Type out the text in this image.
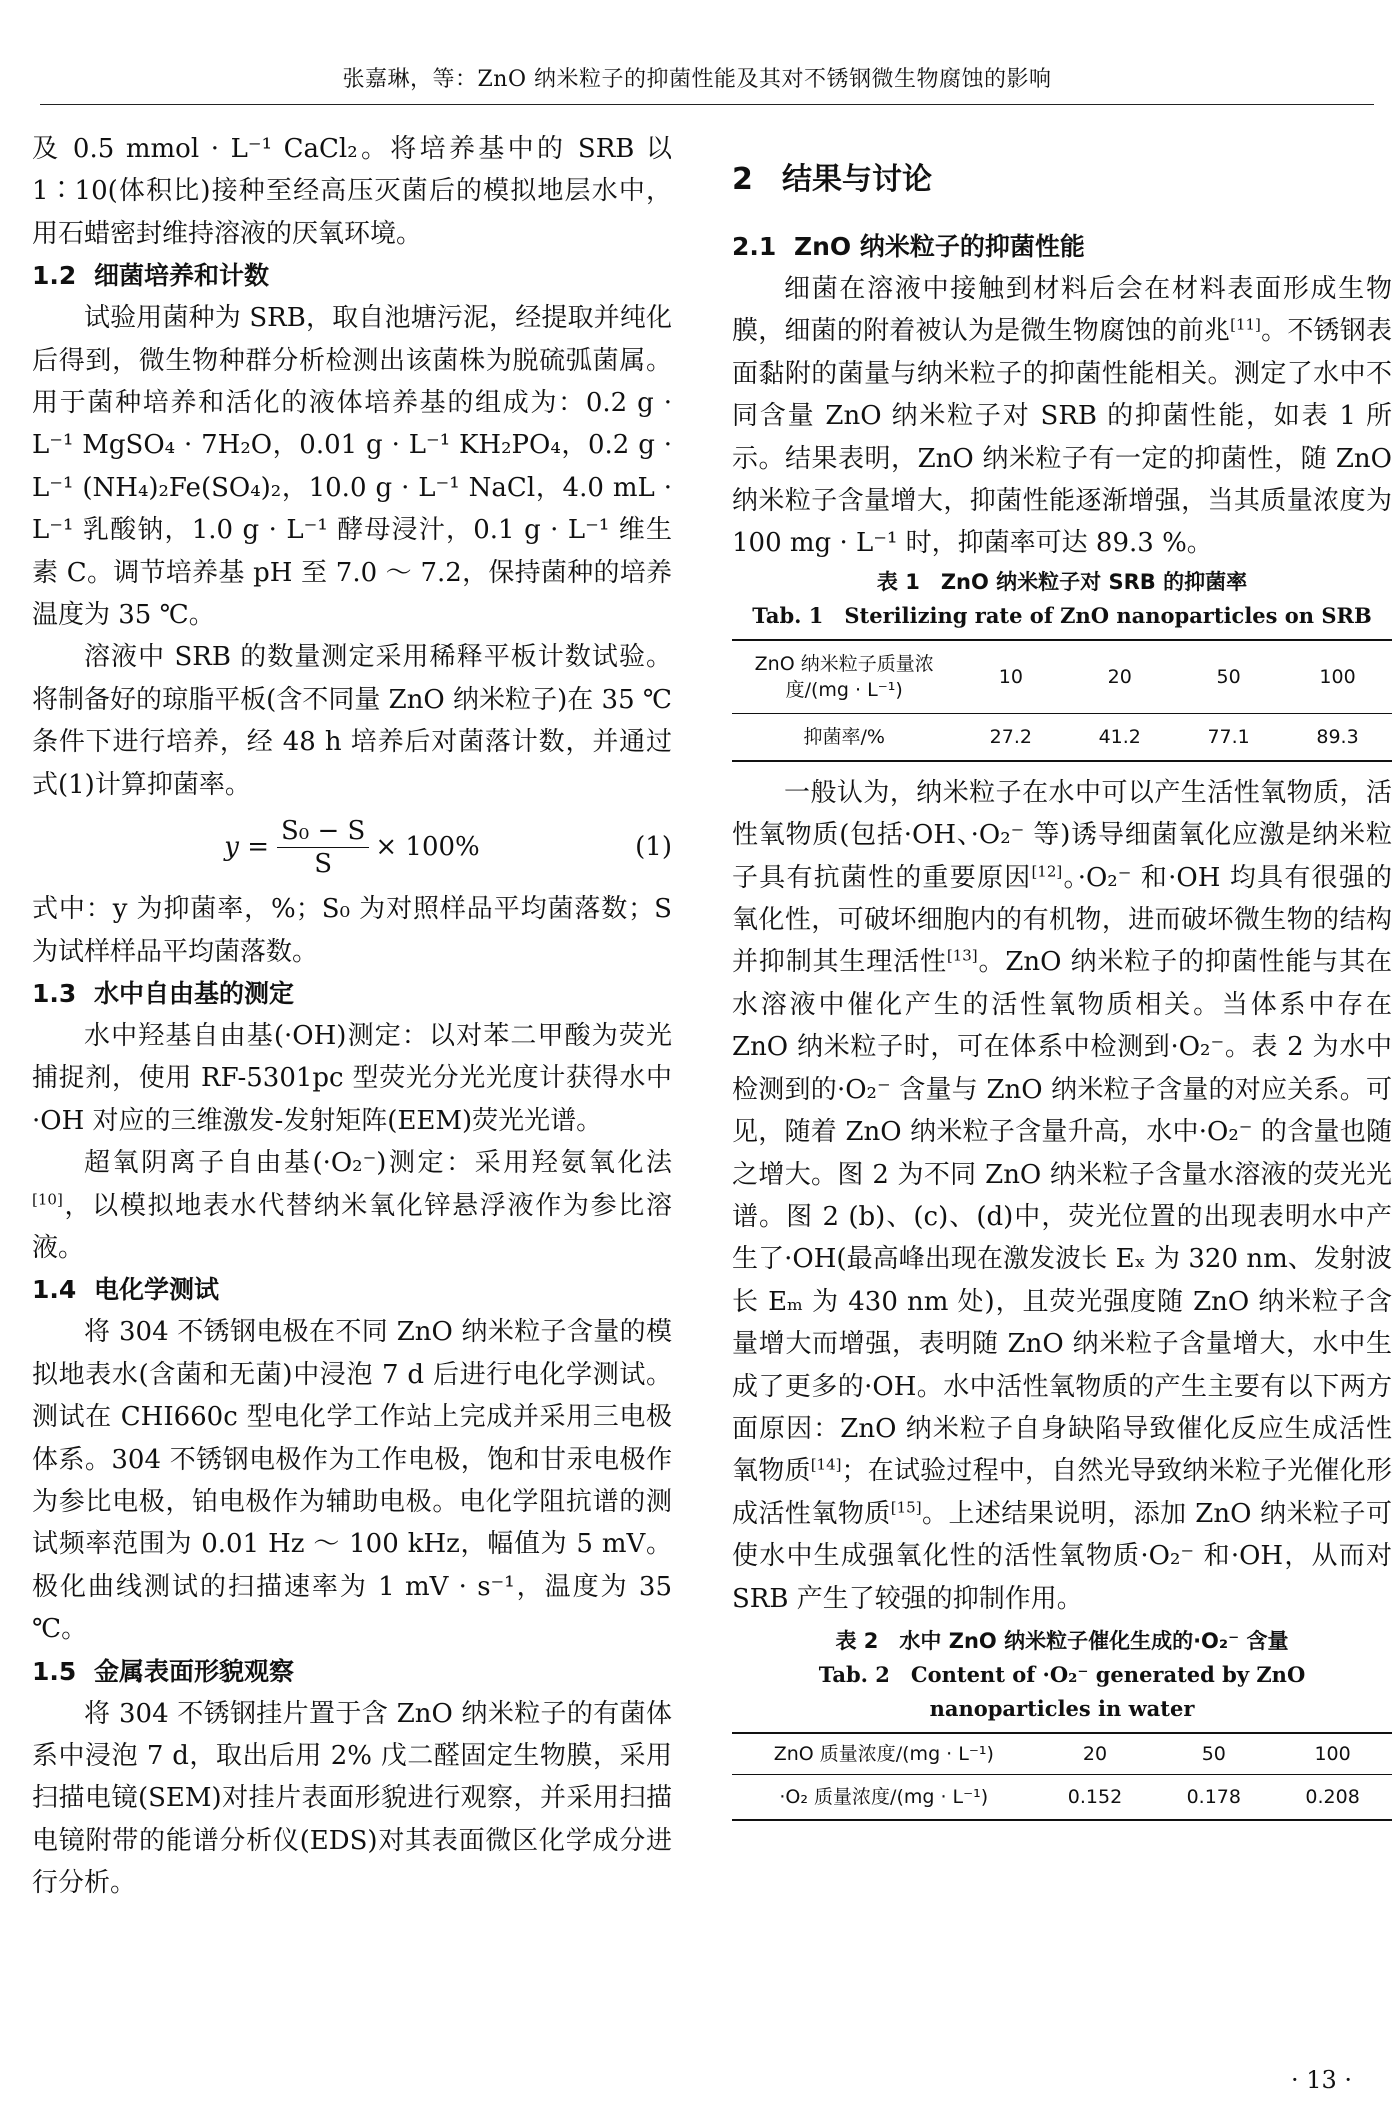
张嘉琳，等：ZnO 纳米粒子的抑菌性能及其对不锈钢微生物腐蚀的影响

及 0.5 mmol · L⁻¹ CaCl₂。将培养基中的 SRB 以 1∶10(体积比)接种至经高压灭菌后的模拟地层水中，用石蜡密封维持溶液的厌氧环境。

1.2 细菌培养和计数

试验用菌种为 SRB，取自池塘污泥，经提取并纯化后得到，微生物种群分析检测出该菌株为脱硫弧菌属。用于菌种培养和活化的液体培养基的组成为：0.2 g · L⁻¹ MgSO₄ · 7H₂O，0.01 g · L⁻¹ KH₂PO₄，0.2 g · L⁻¹ (NH₄)₂Fe(SO₄)₂，10.0 g · L⁻¹ NaCl，4.0 mL · L⁻¹ 乳酸钠，1.0 g · L⁻¹ 酵母浸汁，0.1 g · L⁻¹ 维生素 C。调节培养基 pH 至 7.0 ～ 7.2，保持菌种的培养温度为 35 ℃。

溶液中 SRB 的数量测定采用稀释平板计数试验。将制备好的琼脂平板(含不同量 ZnO 纳米粒子)在 35 ℃ 条件下进行培养，经 48 h 培养后对菌落计数，并通过式(1)计算抑菌率。

$y = \frac{\text{S₀ − S}}{S} \times 100\%$	(1)

式中：y 为抑菌率，%；S₀ 为对照样品平均菌落数；S 为试样样品平均菌落数。

1.3 水中自由基的测定

水中羟基自由基(·OH)测定：以对苯二甲酸为荧光捕捉剂，使用 RF-5301pc 型荧光分光光度计获得水中·OH 对应的三维激发-发射矩阵(EEM)荧光光谱。

超氧阴离子自由基(·O₂⁻)测定：采用羟氨氧化法[10]，以模拟地表水代替纳米氧化锌悬浮液作为参比溶液。

1.4 电化学测试

将 304 不锈钢电极在不同 ZnO 纳米粒子含量的模拟地表水(含菌和无菌)中浸泡 7 d 后进行电化学测试。测试在 CHI660c 型电化学工作站上完成并采用三电极体系。304 不锈钢电极作为工作电极，饱和甘汞电极作为参比电极，铂电极作为辅助电极。电化学阻抗谱的测试频率范围为 0.01 Hz ～ 100 kHz，幅值为 5 mV。极化曲线测试的扫描速率为 1 mV · s⁻¹，温度为 35 ℃。

1.5 金属表面形貌观察

将 304 不锈钢挂片置于含 ZnO 纳米粒子的有菌体系中浸泡 7 d，取出后用 2% 戊二醛固定生物膜，采用扫描电镜(SEM)对挂片表面形貌进行观察，并采用扫描电镜附带的能谱分析仪(EDS)对其表面微区化学成分进行分析。

2 结果与讨论
2.1 ZnO 纳米粒子的抑菌性能

细菌在溶液中接触到材料后会在材料表面形成生物膜，细菌的附着被认为是微生物腐蚀的前兆[11]。不锈钢表面黏附的菌量与纳米粒子的抑菌性能相关。测定了水中不同含量 ZnO 纳米粒子对 SRB 的抑菌性能，如表 1 所示。结果表明，ZnO 纳米粒子有一定的抑菌性，随 ZnO 纳米粒子含量增大，抑菌性能逐渐增强，当其质量浓度为 100 mg · L⁻¹ 时，抑菌率可达 89.3 %。

表 1　ZnO 纳米粒子对 SRB 的抑菌率
Tab. 1　Sterilizing rate of ZnO nanoparticles on SRB
ZnO 纳米粒子质量浓度/(mg · L⁻¹)	10	20	50	100
抑菌率/%	27.2	41.2	77.1	89.3

一般认为，纳米粒子在水中可以产生活性氧物质，活性氧物质(包括·OH、·O₂⁻ 等)诱导细菌氧化应激是纳米粒子具有抗菌性的重要原因[12]。·O₂⁻ 和·OH 均具有很强的氧化性，可破坏细胞内的有机物，进而破坏微生物的结构并抑制其生理活性[13]。ZnO 纳米粒子的抑菌性能与其在水溶液中催化产生的活性氧物质相关。当体系中存在 ZnO 纳米粒子时，可在体系中检测到·O₂⁻。表 2 为水中检测到的·O₂⁻ 含量与 ZnO 纳米粒子含量的对应关系。可见，随着 ZnO 纳米粒子含量升高，水中·O₂⁻ 的含量也随之增大。图 2 为不同 ZnO 纳米粒子含量水溶液的荧光光谱。图 2 (b)、(c)、(d)中，荧光位置的出现表明水中产生了·OH(最高峰出现在激发波长 Eₓ 为 320 nm、发射波长 Eₘ 为 430 nm 处)，且荧光强度随 ZnO 纳米粒子含量增大而增强，表明随 ZnO 纳米粒子含量增大，水中生成了更多的·OH。水中活性氧物质的产生主要有以下两方面原因：ZnO 纳米粒子自身缺陷导致催化反应生成活性氧物质[14]；在试验过程中，自然光导致纳米粒子光催化形成活性氧物质[15]。上述结果说明，添加 ZnO 纳米粒子可使水中生成强氧化性的活性氧物质·O₂⁻ 和·OH，从而对 SRB 产生了较强的抑制作用。

表 2　水中 ZnO 纳米粒子催化生成的·O₂⁻ 含量
Tab. 2　Content of ·O₂⁻ generated by ZnO nanoparticles in water
ZnO 质量浓度/(mg · L⁻¹)	20	50	100
·O₂ 质量浓度/(mg · L⁻¹)	0.152	0.178	0.208
· 13 ·
